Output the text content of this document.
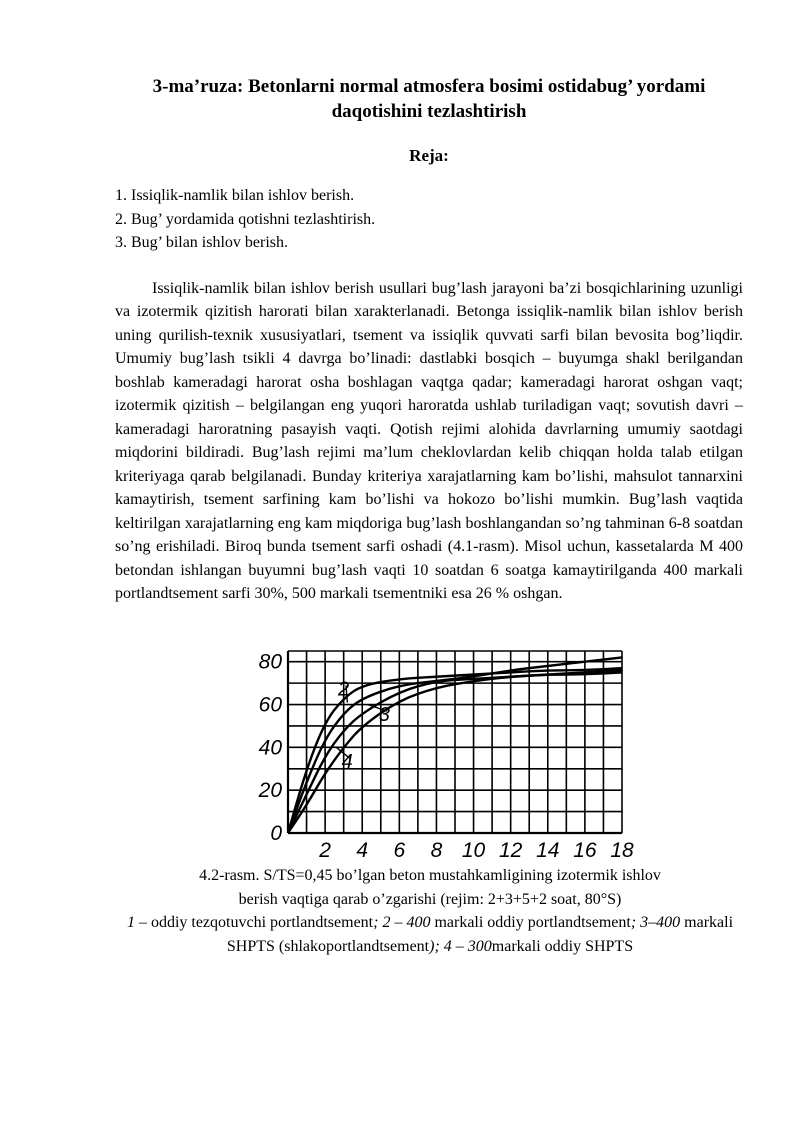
3-ma’ruza: Betonlarni normal atmosfera bosimi ostidabug’ yordami daqotishini tezlashtirish
Reja:
1. Issiqlik-namlik bilan ishlov berish.
2. Bug’ yordamida qotishni tezlashtirish.
3. Bug’ bilan ishlov berish.

Issiqlik-namlik bilan ishlov berish usullari bug’lash jarayoni ba’zi bosqichlarining uzunligi va izotermik qizitish harorati bilan xarakterlanadi. Betonga issiqlik-namlik bilan ishlov berish uning qurilish-texnik xususiyatlari, tsement va issiqlik quvvati sarfi bilan bevosita bog’liqdir. Umumiy bug’lash tsikli 4 davrga bo’linadi: dastlabki bosqich – buyumga shakl berilgandan boshlab kameradagi harorat osha boshlagan vaqtga qadar; kameradagi harorat oshgan vaqt; izotermik qizitish – belgilangan eng yuqori haroratda ushlab turiladigan vaqt; sovutish davri – kameradagi haroratning pasayish vaqti. Qotish rejimi alohida davrlarning umumiy saotdagi miqdorini bildiradi. Bug’lash rejimi ma’lum cheklovlardan kelib chiqqan holda talab etilgan kriteriyaga qarab belgilanadi. Bunday kriteriya xarajatlarning kam bo’lishi, mahsulot tannarxini kamaytirish, tsement sarfining kam bo’lishi va hokozo bo’lishi mumkin. Bug’lash vaqtida keltirilgan xarajatlarning eng kam miqdoriga bug’lash boshlangandan so’ng tahminan 6-8 soatdan so’ng erishiladi. Biroq bunda tsement sarfi oshadi (4.1-rasm). Misol uchun, kassetalarda M 400 betondan ishlangan buyumni bug’lash vaqti 10 soatdan 6 soatga kamaytirilganda 400 markali portlandtsement sarfi 30%, 500 markali tsementniki esa 26 % oshgan.

0
20
40
60
80
2 4 6 8 10 12 14 16 18
2
3
4

4.2-rasm. S/TS=0,45 bo’lgan beton mustahkamligining izotermik ishlov

berish vaqtiga qarab o’zgarishi (rejim: 2+3+5+2 soat, 80°S)

1 – oddiy tezqotuvchi portlandtsement; 2 – 400 markali oddiy portlandtsement; 3–400 markali SHPTS (shlakoportlandtsement); 4 – 300markali oddiy SHPTS
